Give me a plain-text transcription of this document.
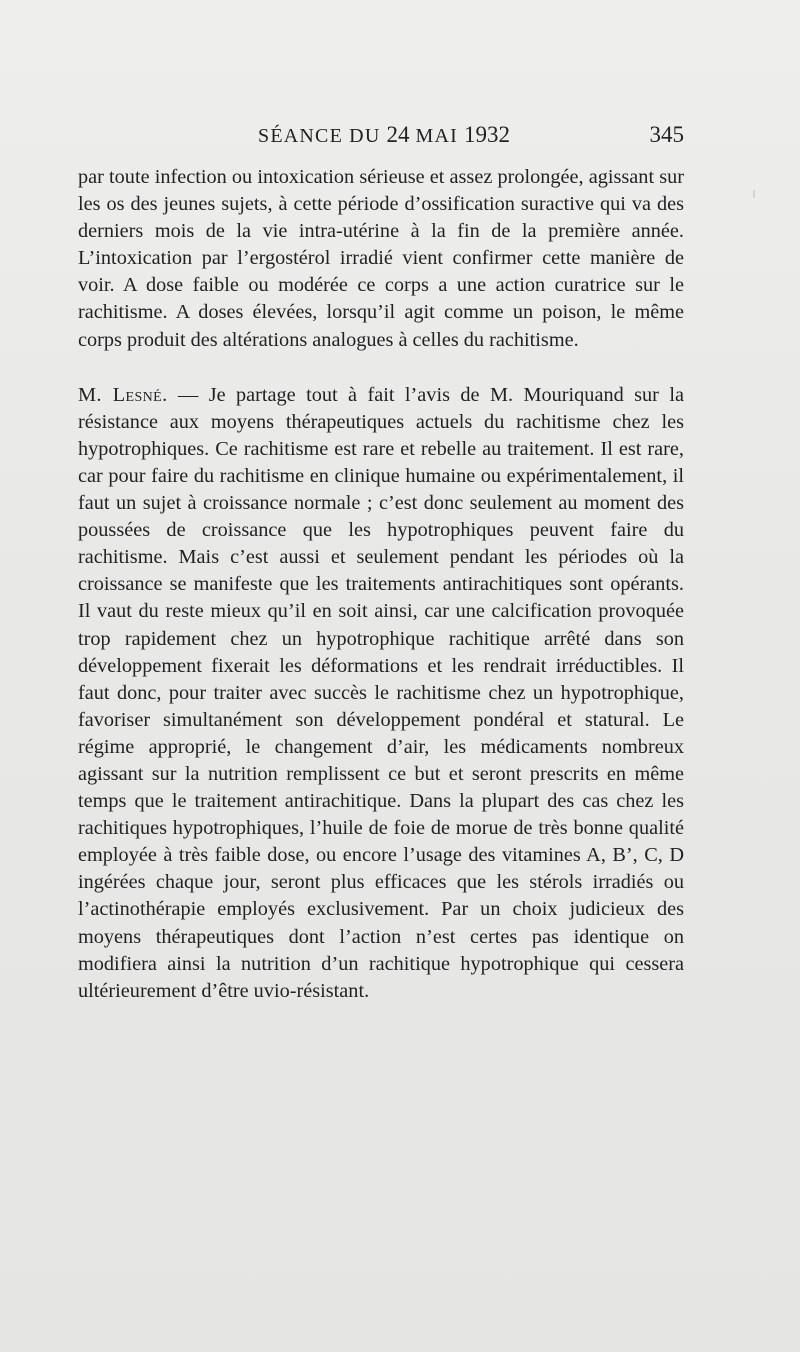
SÉANCE DU 24 MAI 1932	345

par toute infection ou intoxication sérieuse et assez prolongée, agissant sur les os des jeunes sujets, à cette période d’ossification suractive qui va des derniers mois de la vie intra-utérine à la fin de la première année. L’intoxication par l’ergostérol irradié vient confirmer cette manière de voir. A dose faible ou modérée ce corps a une action curatrice sur le rachitisme. A doses élevées, lorsqu’il agit comme un poison, le même corps produit des altérations analogues à celles du rachitisme.

M. Lesné. — Je partage tout à fait l’avis de M. Mouriquand sur la résistance aux moyens thérapeutiques actuels du rachitisme chez les hypotrophiques. Ce rachitisme est rare et rebelle au traitement. Il est rare, car pour faire du rachitisme en clinique humaine ou expérimentalement, il faut un sujet à croissance normale ; c’est donc seulement au moment des poussées de croissance que les hypotrophiques peuvent faire du rachitisme. Mais c’est aussi et seulement pendant les périodes où la croissance se manifeste que les traitements antirachitiques sont opérants. Il vaut du reste mieux qu’il en soit ainsi, car une calcification provoquée trop rapidement chez un hypotrophique rachitique arrêté dans son développement fixerait les déformations et les rendrait irréductibles. Il faut donc, pour traiter avec succès le rachitisme chez un hypotrophique, favoriser simultanément son développement pondéral et statural. Le régime approprié, le changement d’air, les médicaments nombreux agissant sur la nutrition remplissent ce but et seront prescrits en même temps que le traitement antirachitique. Dans la plupart des cas chez les rachitiques hypotrophiques, l’huile de foie de morue de très bonne qualité employée à très faible dose, ou encore l’usage des vitamines A, B’, C, D ingérées chaque jour, seront plus efficaces que les stérols irradiés ou l’actinothérapie employés exclusivement. Par un choix judicieux des moyens thérapeutiques dont l’action n’est certes pas identique on modifiera ainsi la nutrition d’un rachitique hypotrophique qui cessera ultérieurement d’être uvio-résistant.
